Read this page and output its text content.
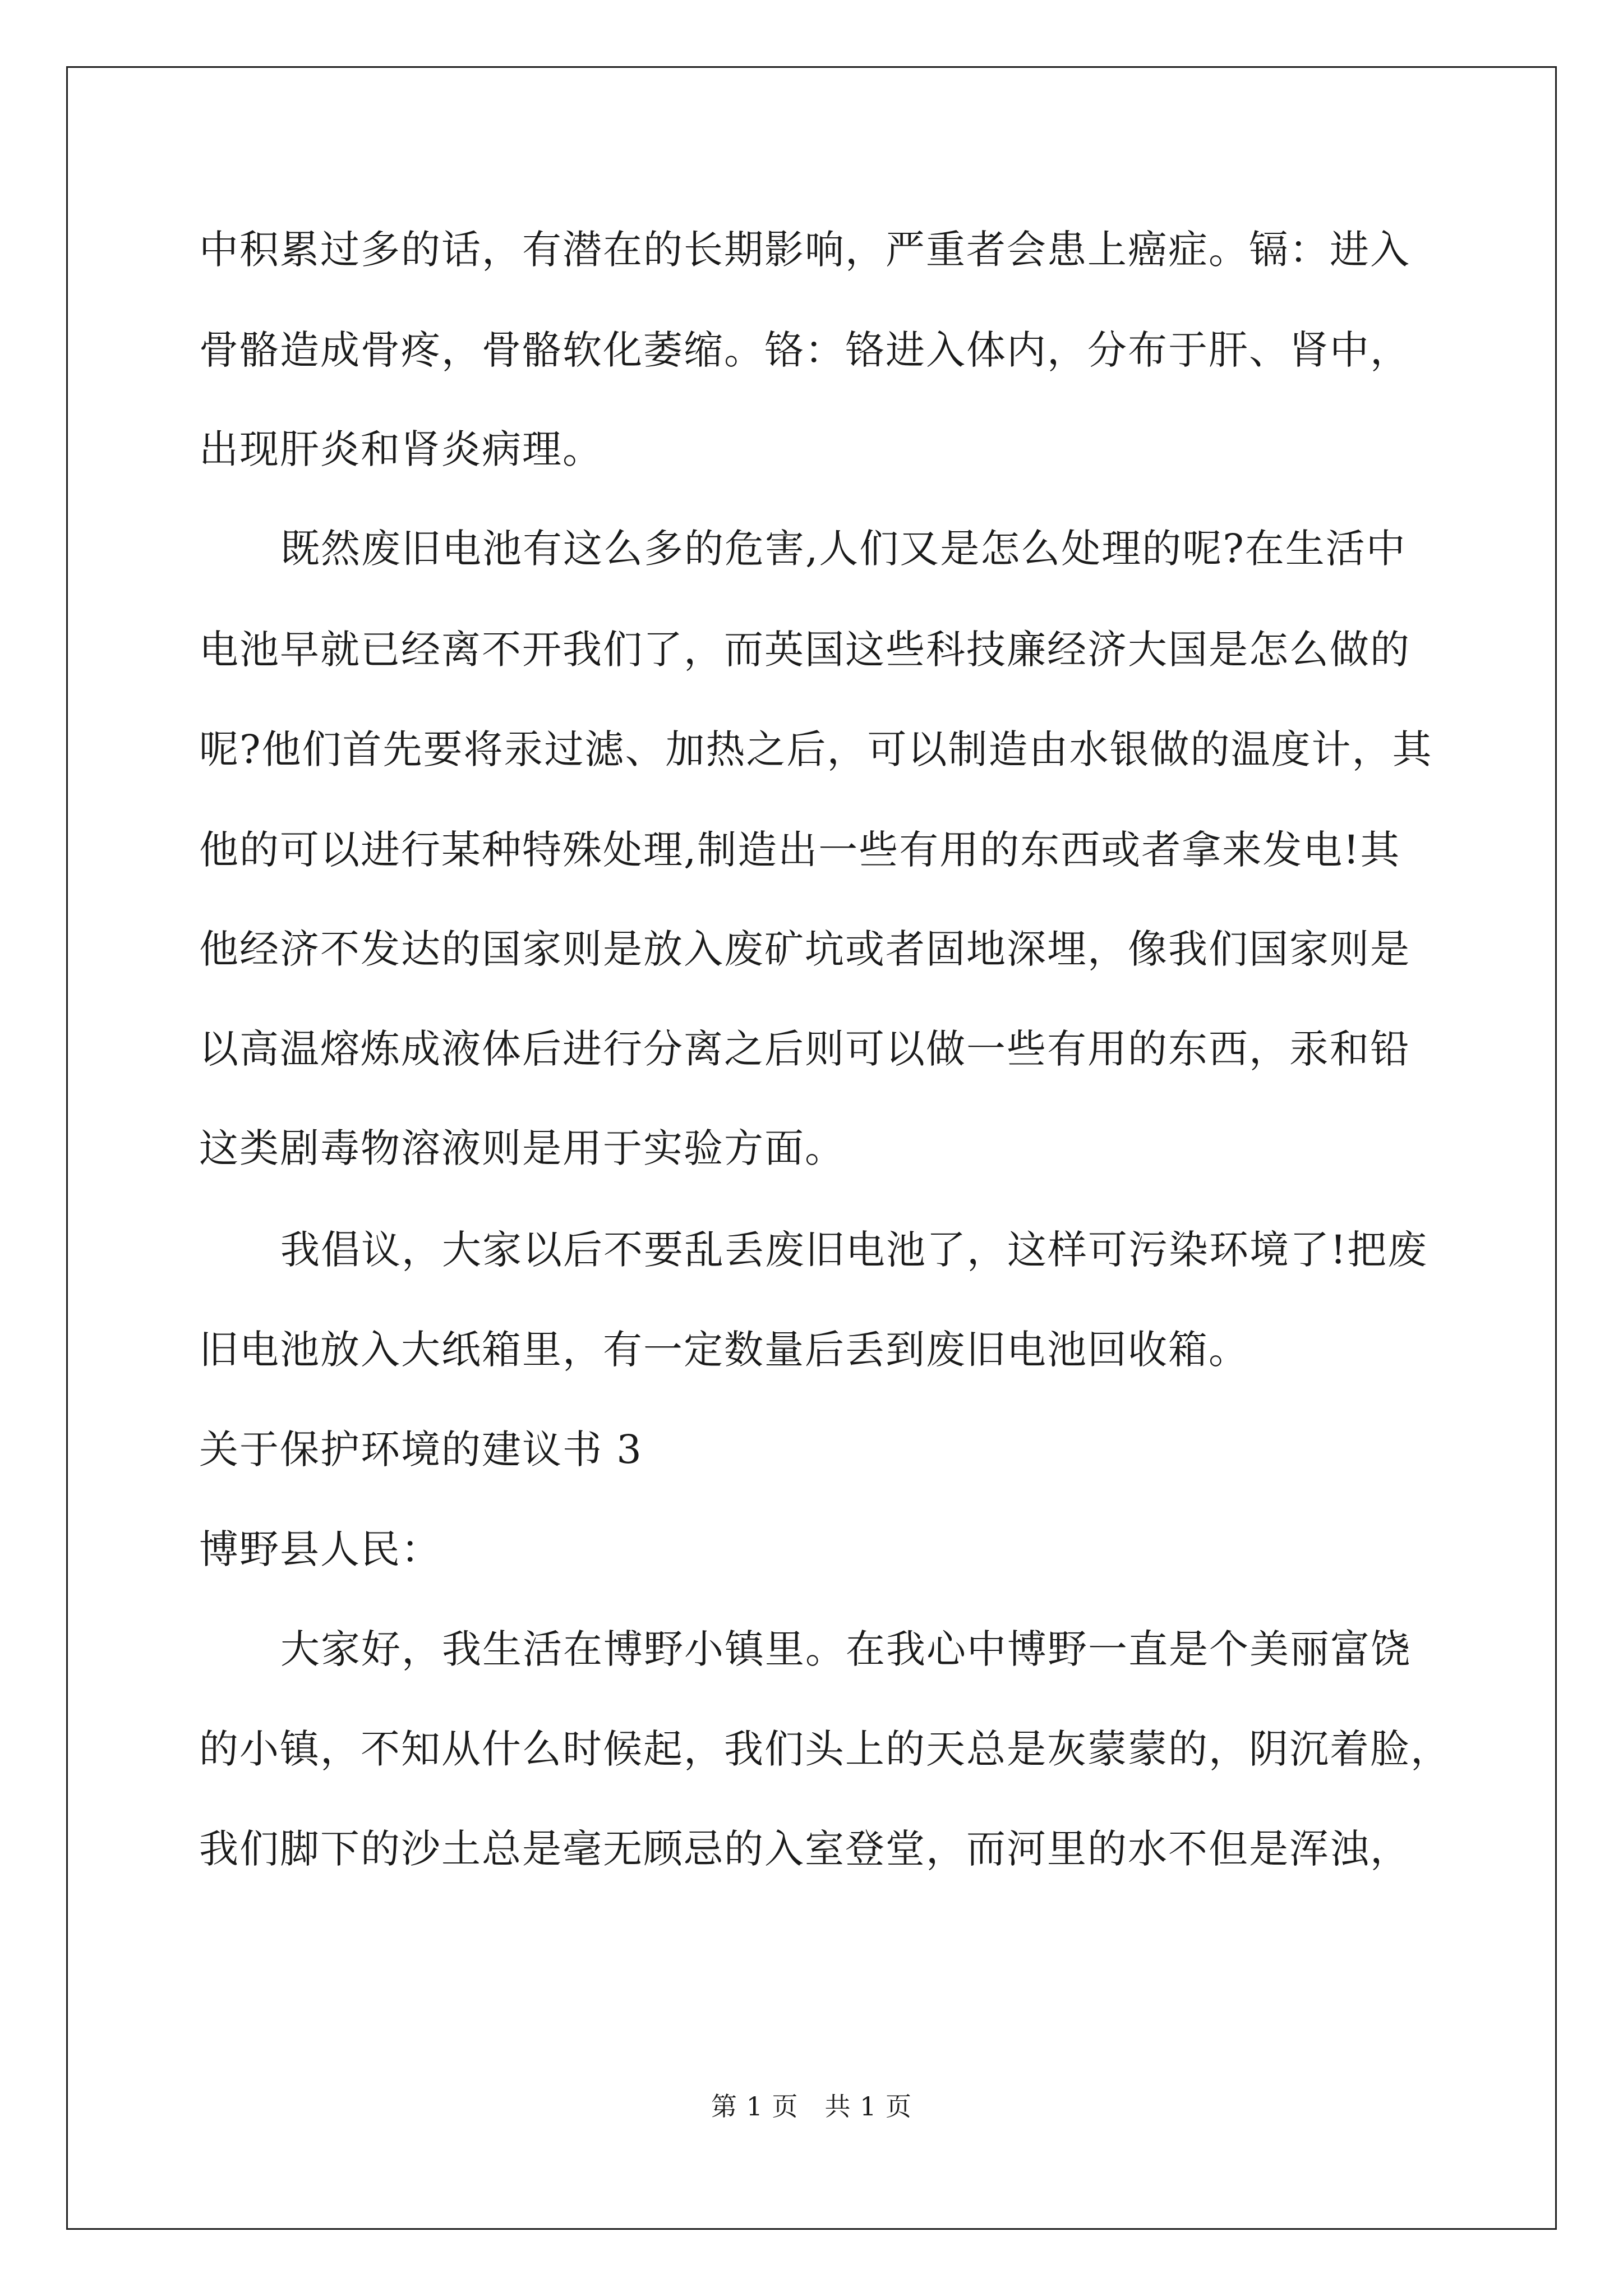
中积累过多的话，有潜在的长期影响，严重者会患上癌症。镉：进入
骨骼造成骨疼，骨骼软化萎缩。铬：铬进入体内，分布于肝、肾中，
出现肝炎和肾炎病理。
既然废旧电池有这么多的危害,人们又是怎么处理的呢?在生活中
电池早就已经离不开我们了，而英国这些科技廉经济大国是怎么做的
呢?他们首先要将汞过滤、加热之后，可以制造由水银做的温度计，其
他的可以进行某种特殊处理,制造出一些有用的东西或者拿来发电!其
他经济不发达的国家则是放入废矿坑或者固地深埋，像我们国家则是
以高温熔炼成液体后进行分离之后则可以做一些有用的东西，汞和铅
这类剧毒物溶液则是用于实验方面。
我倡议，大家以后不要乱丢废旧电池了，这样可污染环境了!把废
旧电池放入大纸箱里，有一定数量后丢到废旧电池回收箱。
关于保护环境的建议书 3
博野县人民：
大家好，我生活在博野小镇里。在我心中博野一直是个美丽富饶
的小镇，不知从什么时候起，我们头上的天总是灰蒙蒙的，阴沉着脸，
我们脚下的沙土总是毫无顾忌的入室登堂，而河里的水不但是浑浊，
第 1 页　共 1 页
